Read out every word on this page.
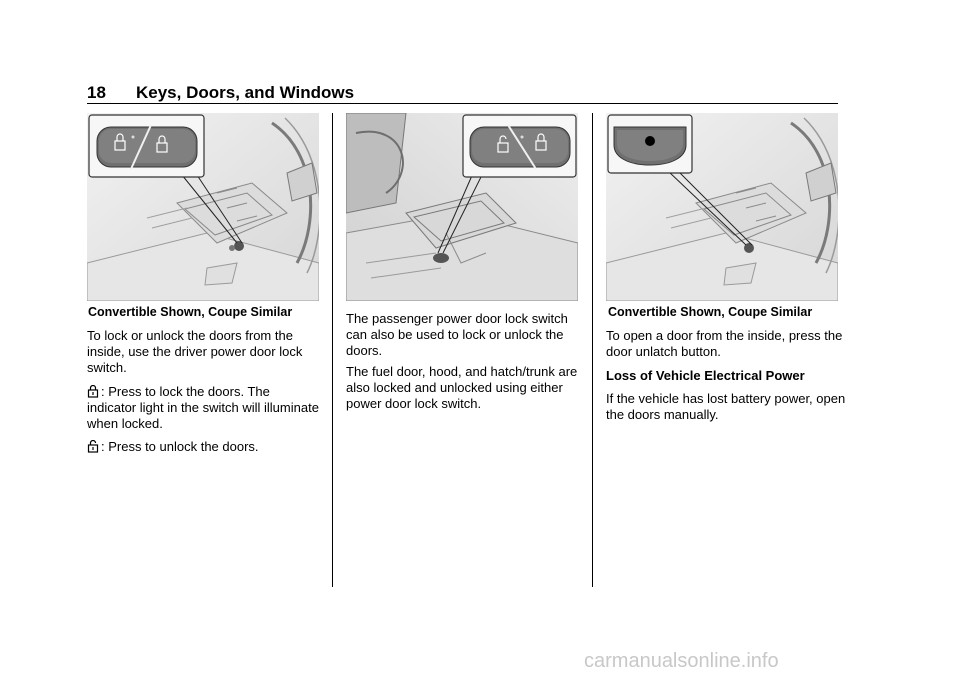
18 Keys, Doors, and Windows
Convertible Shown, Coupe Similar

To lock or unlock the doors from the inside, use the driver power door lock switch.

: Press to lock the doors. The indicator light in the switch will illuminate when locked.

: Press to unlock the doors.

The passenger power door lock switch can also be used to lock or unlock the doors.

The fuel door, hood, and hatch/trunk are also locked and unlocked using either power door lock switch.

Convertible Shown, Coupe Similar

To open a door from the inside, press the door unlatch button.

Loss of Vehicle Electrical Power

If the vehicle has lost battery power, open the doors manually.

carmanualsonline.info
